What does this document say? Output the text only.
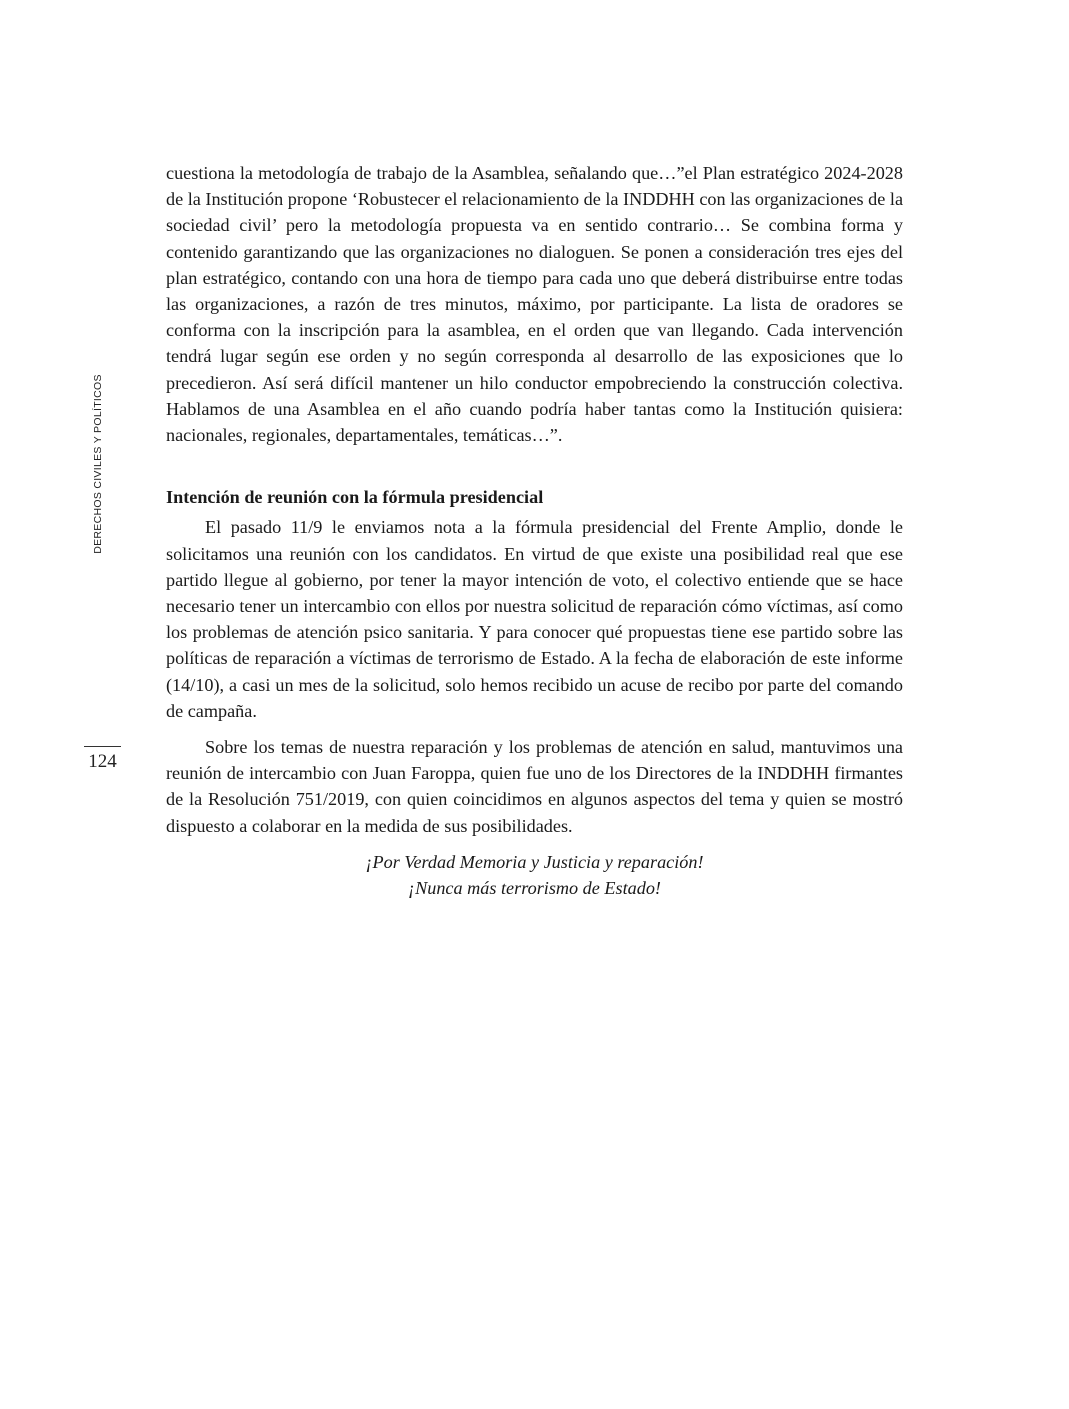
DERECHOS CIVILES Y POLÍTICOS
124

cuestiona la metodología de trabajo de la Asamblea, señalando que…”el Plan estratégico 2024-2028 de la Institución propone ‘Robustecer el relacionamiento de la INDDHH con las organizaciones de la sociedad civil’ pero la metodología propuesta va en sentido contrario… Se combina forma y contenido garantizando que las organizaciones no dialoguen. Se ponen a consideración tres ejes del plan estratégico, contando con una hora de tiempo para cada uno que deberá distribuirse entre todas las organizaciones, a razón de tres minutos, máximo, por participante. La lista de oradores se conforma con la inscripción para la asamblea, en el orden que van llegando. Cada intervención tendrá lugar según ese orden y no según corresponda al desarrollo de las exposiciones que lo precedieron. Así será difícil mantener un hilo conductor empobreciendo la construcción colectiva. Hablamos de una Asamblea en el año cuando podría haber tantas como la Institución quisiera: nacionales, regionales, departamentales, temáticas…”.

Intención de reunión con la fórmula presidencial

El pasado 11/9 le enviamos nota a la fórmula presidencial del Frente Amplio, donde le solicitamos una reunión con los candidatos. En virtud de que existe una posibilidad real que ese partido llegue al gobierno, por tener la mayor intención de voto, el colectivo entiende que se hace necesario tener un intercambio con ellos por nuestra solicitud de reparación cómo víctimas, así como los problemas de atención psico sanitaria. Y para conocer qué propuestas tiene ese partido sobre las políticas de reparación a víctimas de terrorismo de Estado. A la fecha de elaboración de este informe (14/10), a casi un mes de la solicitud, solo hemos recibido un acuse de recibo por parte del comando de campaña.

Sobre los temas de nuestra reparación y los problemas de atención en salud, mantuvimos una reunión de intercambio con Juan Faroppa, quien fue uno de los Directores de la INDDHH firmantes de la Resolución 751/2019, con quien coincidimos en algunos aspectos del tema y quien se mostró dispuesto a colaborar en la medida de sus posibilidades.

¡Por Verdad Memoria y Justicia y reparación!
¡Nunca más terrorismo de Estado!
